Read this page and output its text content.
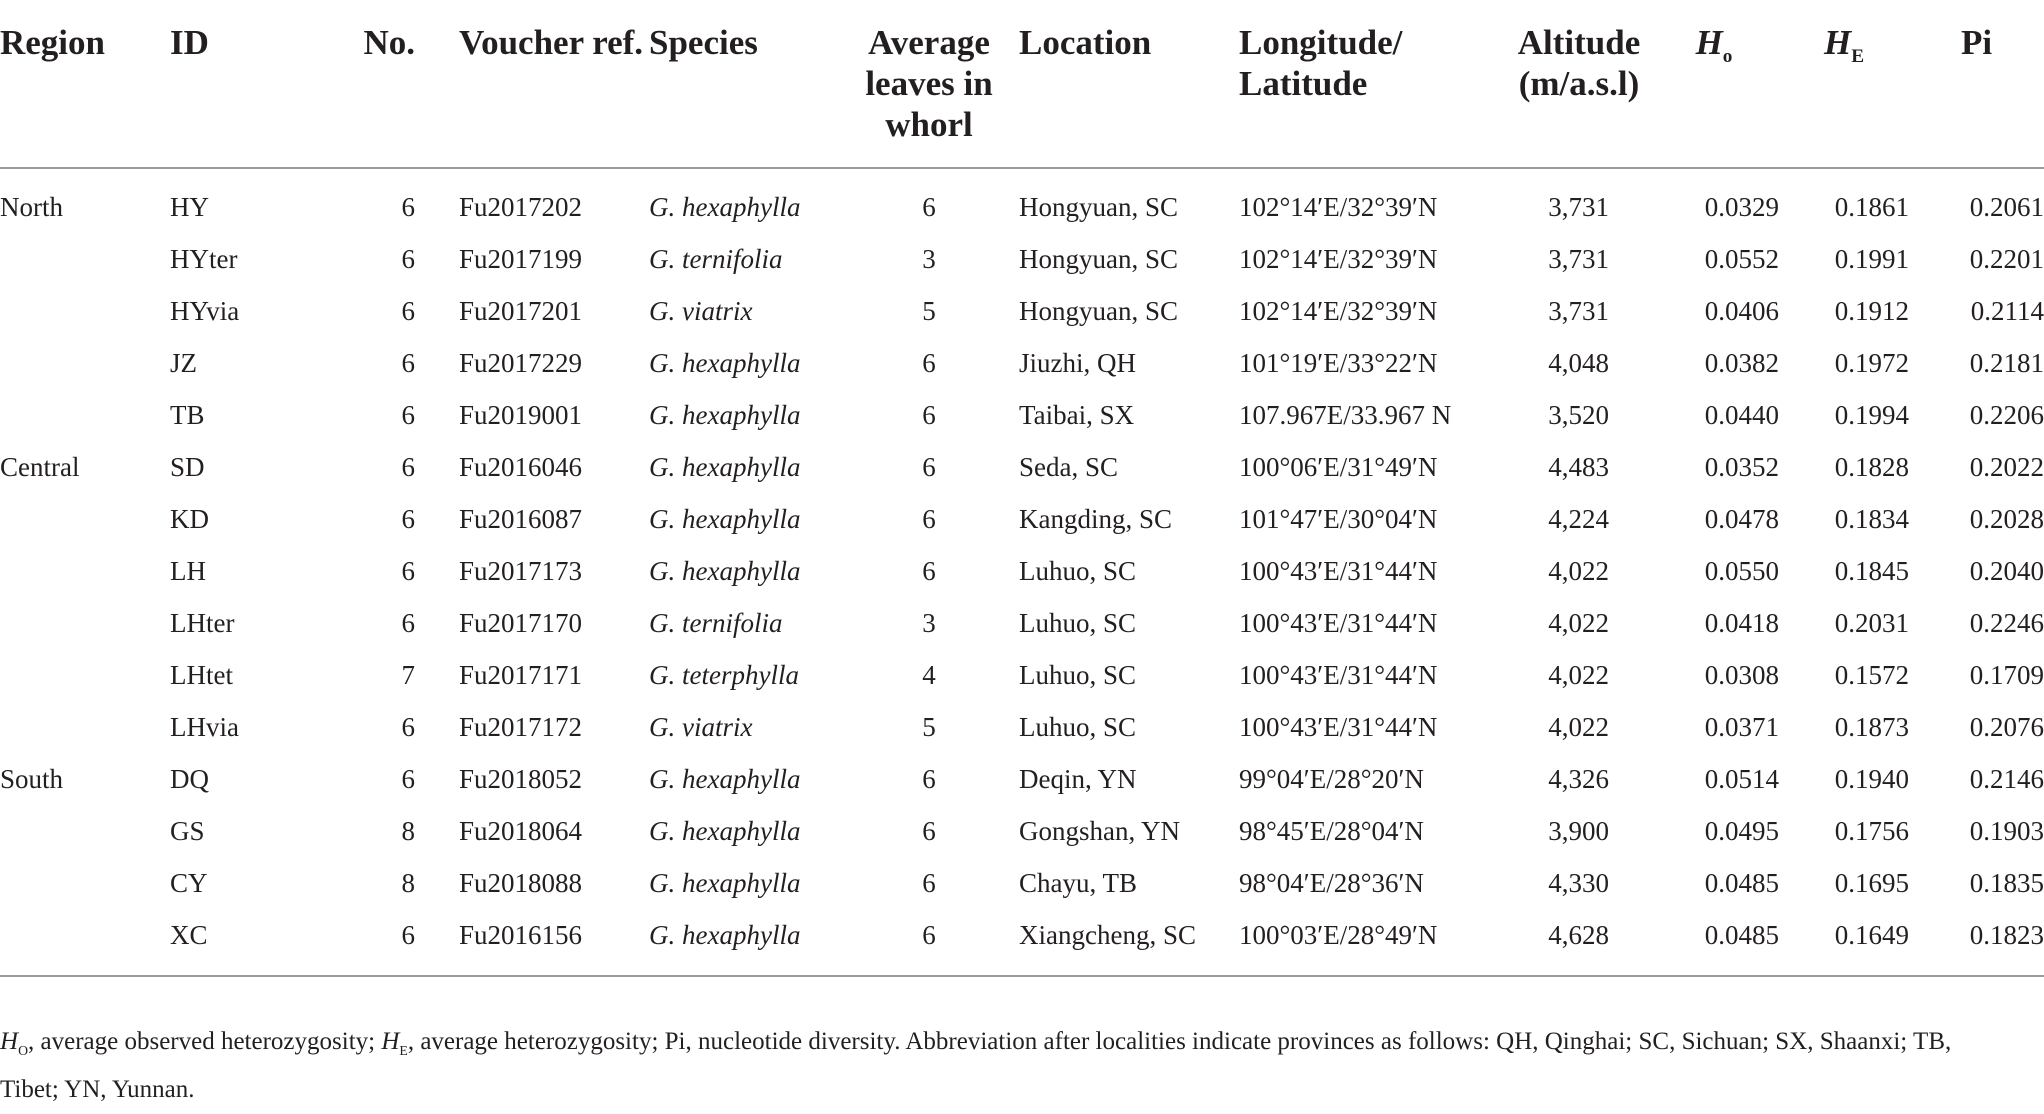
Region	ID	No.	Voucher ref.	Species	Average leaves in whorl	Location	Longitude/ Latitude	Altitude (m/a.s.l)	$H_o$	$H_E$	Pi
North	HY	6	Fu2017202	G. hexaphylla	6	Hongyuan, SC	102°14′E/32°39′N	3,731	0.0329	0.1861	0.2061
	HYter	6	Fu2017199	G. ternifolia	3	Hongyuan, SC	102°14′E/32°39′N	3,731	0.0552	0.1991	0.2201
	HYvia	6	Fu2017201	G. viatrix	5	Hongyuan, SC	102°14′E/32°39′N	3,731	0.0406	0.1912	0.2114
	JZ	6	Fu2017229	G. hexaphylla	6	Jiuzhi, QH	101°19′E/33°22′N	4,048	0.0382	0.1972	0.2181
	TB	6	Fu2019001	G. hexaphylla	6	Taibai, SX	107.967E/33.967 N	3,520	0.0440	0.1994	0.2206
Central	SD	6	Fu2016046	G. hexaphylla	6	Seda, SC	100°06′E/31°49′N	4,483	0.0352	0.1828	0.2022
	KD	6	Fu2016087	G. hexaphylla	6	Kangding, SC	101°47′E/30°04′N	4,224	0.0478	0.1834	0.2028
	LH	6	Fu2017173	G. hexaphylla	6	Luhuo, SC	100°43′E/31°44′N	4,022	0.0550	0.1845	0.2040
	LHter	6	Fu2017170	G. ternifolia	3	Luhuo, SC	100°43′E/31°44′N	4,022	0.0418	0.2031	0.2246
	LHtet	7	Fu2017171	G. teterphylla	4	Luhuo, SC	100°43′E/31°44′N	4,022	0.0308	0.1572	0.1709
	LHvia	6	Fu2017172	G. viatrix	5	Luhuo, SC	100°43′E/31°44′N	4,022	0.0371	0.1873	0.2076
South	DQ	6	Fu2018052	G. hexaphylla	6	Deqin, YN	99°04′E/28°20′N	4,326	0.0514	0.1940	0.2146
	GS	8	Fu2018064	G. hexaphylla	6	Gongshan, YN	98°45′E/28°04′N	3,900	0.0495	0.1756	0.1903
	CY	8	Fu2018088	G. hexaphylla	6	Chayu, TB	98°04′E/28°36′N	4,330	0.0485	0.1695	0.1835
	XC	6	Fu2016156	G. hexaphylla	6	Xiangcheng, SC	100°03′E/28°49′N	4,628	0.0485	0.1649	0.1823
$H_O$, average observed heterozygosity; $H_E$, average heterozygosity; Pi, nucleotide diversity. Abbreviation after localities indicate provinces as follows: QH, Qinghai; SC, Sichuan; SX, Shaanxi; TB, Tibet; YN, Yunnan.
